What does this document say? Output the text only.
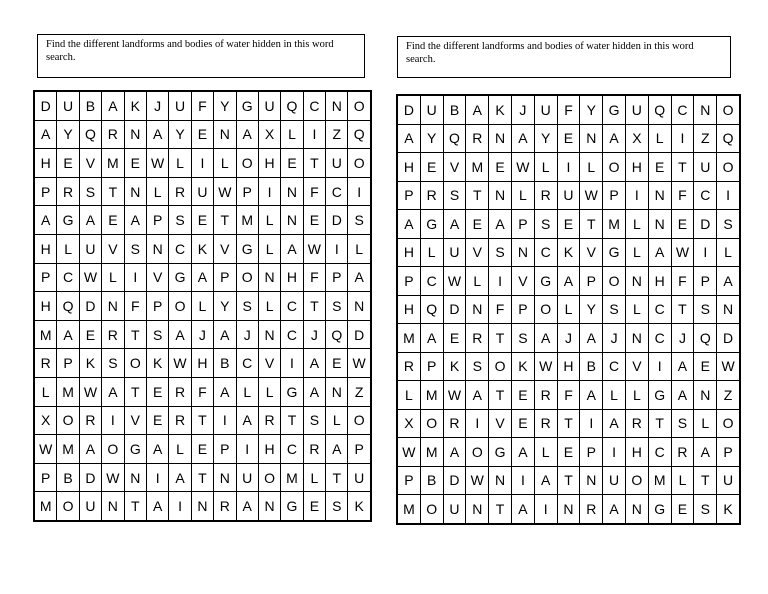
Find the different landforms and bodies of water hidden in this word search.
Find the different landforms and bodies of water hidden in this word search.
D	U	B	A	K	J	U	F	Y	G	U	Q	C	N	O
A	Y	Q	R	N	A	Y	E	N	A	X	L	I	Z	Q
H	E	V	M	E	W	L	I	L	O	H	E	T	U	O
P	R	S	T	N	L	R	U	W	P	I	N	F	C	I
A	G	A	E	A	P	S	E	T	M	L	N	E	D	S
H	L	U	V	S	N	C	K	V	G	L	A	W	I	L
P	C	W	L	I	V	G	A	P	O	N	H	F	P	A
H	Q	D	N	F	P	O	L	Y	S	L	C	T	S	N
M	A	E	R	T	S	A	J	A	J	N	C	J	Q	D
R	P	K	S	O	K	W	H	B	C	V	I	A	E	W
L	M	W	A	T	E	R	F	A	L	L	G	A	N	Z
X	O	R	I	V	E	R	T	I	A	R	T	S	L	O
W	M	A	O	G	A	L	E	P	I	H	C	R	A	P
P	B	D	W	N	I	A	T	N	U	O	M	L	T	U
M	O	U	N	T	A	I	N	R	A	N	G	E	S	K
D	U	B	A	K	J	U	F	Y	G	U	Q	C	N	O
A	Y	Q	R	N	A	Y	E	N	A	X	L	I	Z	Q
H	E	V	M	E	W	L	I	L	O	H	E	T	U	O
P	R	S	T	N	L	R	U	W	P	I	N	F	C	I
A	G	A	E	A	P	S	E	T	M	L	N	E	D	S
H	L	U	V	S	N	C	K	V	G	L	A	W	I	L
P	C	W	L	I	V	G	A	P	O	N	H	F	P	A
H	Q	D	N	F	P	O	L	Y	S	L	C	T	S	N
M	A	E	R	T	S	A	J	A	J	N	C	J	Q	D
R	P	K	S	O	K	W	H	B	C	V	I	A	E	W
L	M	W	A	T	E	R	F	A	L	L	G	A	N	Z
X	O	R	I	V	E	R	T	I	A	R	T	S	L	O
W	M	A	O	G	A	L	E	P	I	H	C	R	A	P
P	B	D	W	N	I	A	T	N	U	O	M	L	T	U
M	O	U	N	T	A	I	N	R	A	N	G	E	S	K
